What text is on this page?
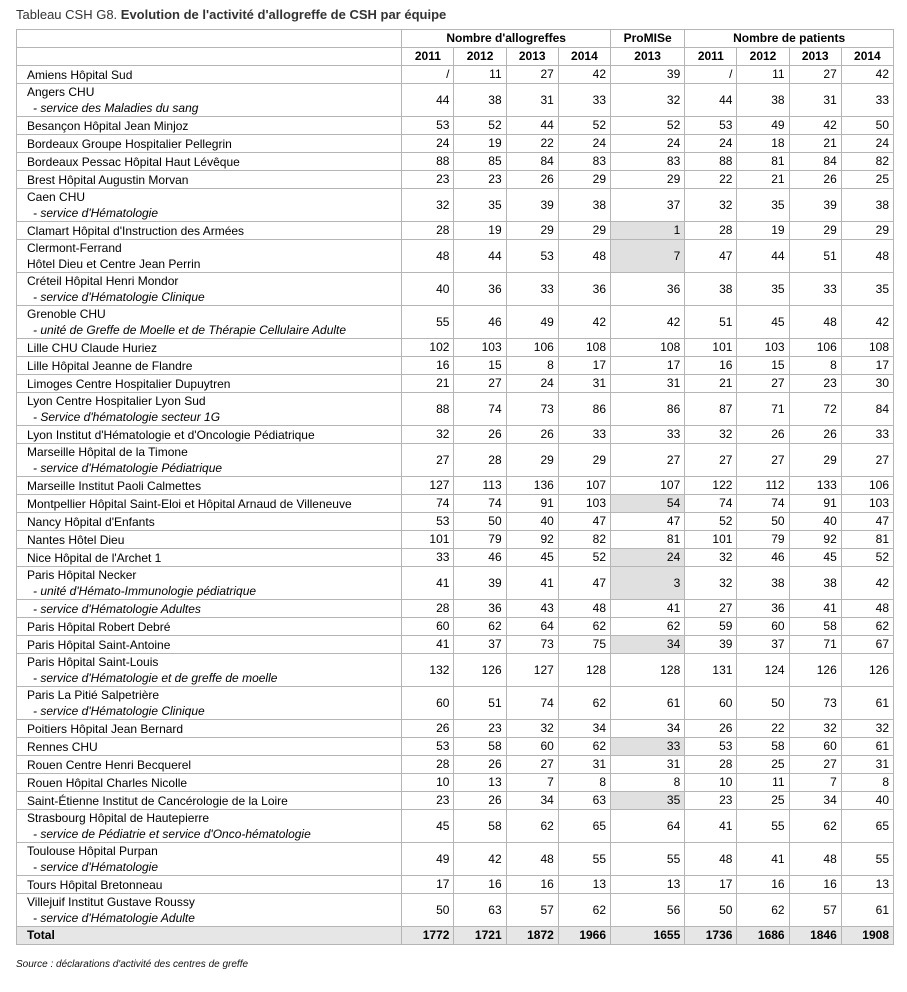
Tableau CSH G8. Evolution de l'activité d'allogreffe de CSH par équipe
	Nombre d'allogreffes				ProMISe	Nombre de patients			
	2011	2012	2013	2014	2013	2011	2012	2013	2014

Amiens Hôpital Sud	/	11	27	42	39	/	11	27	42

Angers CHU
- service des Maladies du sang	44	38	31	33	32	44	38	31	33

Besançon Hôpital Jean Minjoz	53	52	44	52	52	53	49	42	50

Bordeaux Groupe Hospitalier Pellegrin	24	19	22	24	24	24	18	21	24

Bordeaux Pessac Hôpital Haut Lévêque	88	85	84	83	83	88	81	84	82

Brest Hôpital Augustin Morvan	23	23	26	29	29	22	21	26	25

Caen CHU
- service d'Hématologie	32	35	39	38	37	32	35	39	38

Clamart Hôpital d'Instruction des Armées	28	19	29	29	1	28	19	29	29

Clermont-Ferrand
Hôtel Dieu et Centre Jean Perrin	48	44	53	48	7	47	44	51	48

Créteil Hôpital Henri Mondor
- service d'Hématologie Clinique	40	36	33	36	36	38	35	33	35

Grenoble CHU
- unité de Greffe de Moelle et de Thérapie Cellulaire Adulte	55	46	49	42	42	51	45	48	42

Lille CHU Claude Huriez	102	103	106	108	108	101	103	106	108

Lille Hôpital Jeanne de Flandre	16	15	8	17	17	16	15	8	17

Limoges Centre Hospitalier Dupuytren	21	27	24	31	31	21	27	23	30

Lyon Centre Hospitalier Lyon Sud
- Service d'hématologie secteur 1G	88	74	73	86	86	87	71	72	84

Lyon Institut d'Hématologie et d'Oncologie Pédiatrique	32	26	26	33	33	32	26	26	33

Marseille Hôpital de la Timone
- service d'Hématologie Pédiatrique	27	28	29	29	27	27	27	29	27

Marseille Institut Paoli Calmettes	127	113	136	107	107	122	112	133	106

Montpellier Hôpital Saint-Eloi et Hôpital Arnaud de Villeneuve	74	74	91	103	54	74	74	91	103

Nancy Hôpital d'Enfants	53	50	40	47	47	52	50	40	47

Nantes Hôtel Dieu	101	79	92	82	81	101	79	92	81

Nice Hôpital de l'Archet 1	33	46	45	52	24	32	46	45	52

Paris Hôpital Necker
- unité d'Hémato-Immunologie pédiatrique	41	39	41	47	3	32	38	38	42

- service d'Hématologie Adultes	28	36	43	48	41	27	36	41	48

Paris Hôpital Robert Debré	60	62	64	62	62	59	60	58	62

Paris Hôpital Saint-Antoine	41	37	73	75	34	39	37	71	67

Paris Hôpital Saint-Louis
- service d'Hématologie et de greffe de moelle	132	126	127	128	128	131	124	126	126

Paris La Pitié Salpetrière
- service d'Hématologie Clinique	60	51	74	62	61	60	50	73	61

Poitiers Hôpital Jean Bernard	26	23	32	34	34	26	22	32	32

Rennes CHU	53	58	60	62	33	53	58	60	61

Rouen Centre Henri Becquerel	28	26	27	31	31	28	25	27	31

Rouen Hôpital Charles Nicolle	10	13	7	8	8	10	11	7	8

Saint-Étienne Institut de Cancérologie de la Loire	23	26	34	63	35	23	25	34	40

Strasbourg Hôpital de Hautepierre
- service de Pédiatrie et service d'Onco-hématologie	45	58	62	65	64	41	55	62	65

Toulouse Hôpital Purpan
- service d'Hématologie	49	42	48	55	55	48	41	48	55

Tours Hôpital Bretonneau	17	16	16	13	13	17	16	16	13

Villejuif Institut Gustave Roussy
- service d'Hématologie Adulte	50	63	57	62	56	50	62	57	61
Total	1772	1721	1872	1966	1655	1736	1686	1846	1908
Source : déclarations d'activité des centres de greffe
